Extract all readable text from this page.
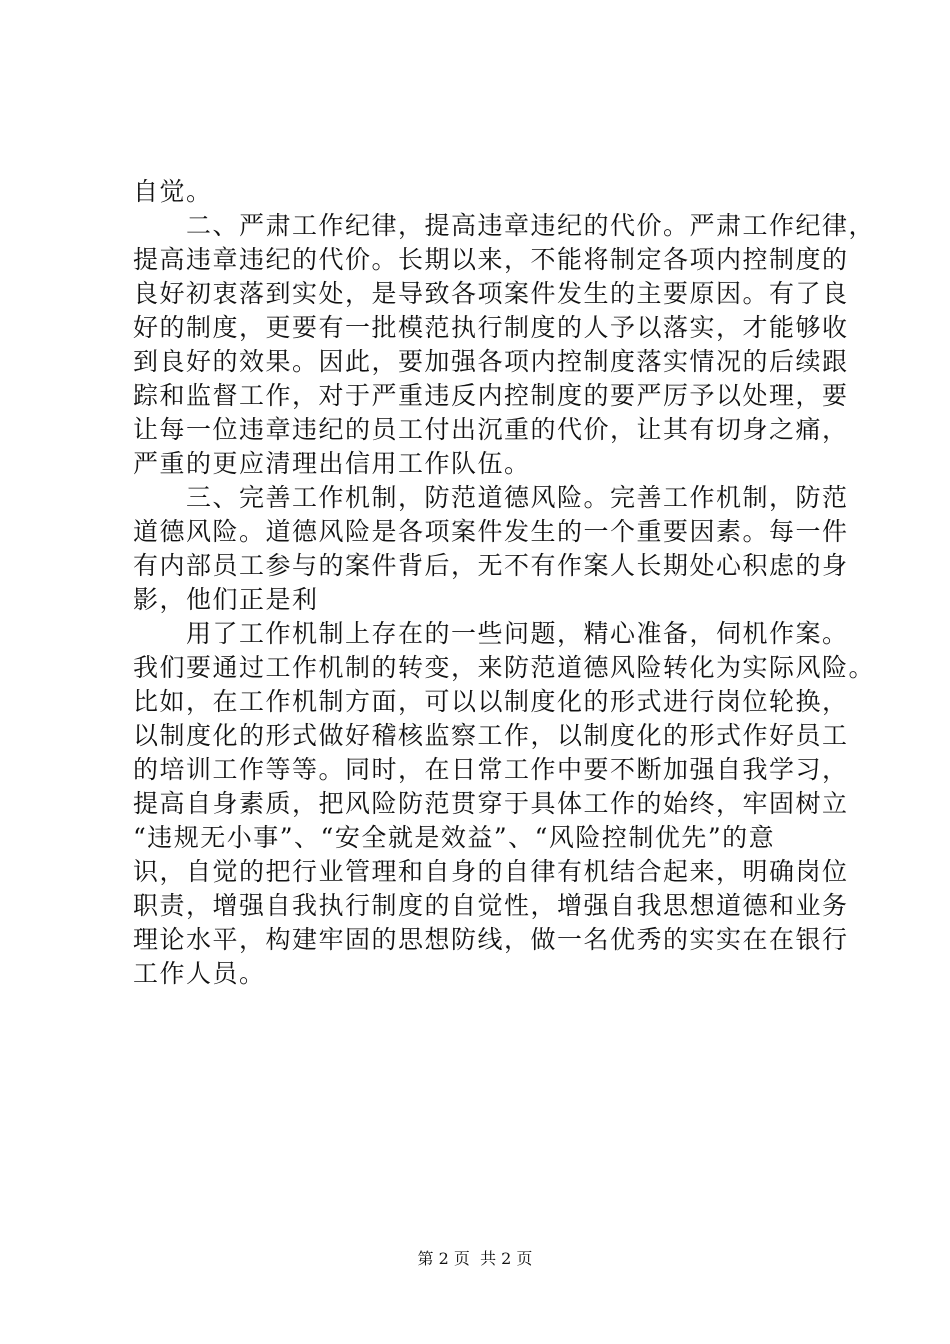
自觉。
二、严肃工作纪律，提高违章违纪的代价。严肃工作纪律，
提高违章违纪的代价。长期以来，不能将制定各项内控制度的
良好初衷落到实处，是导致各项案件发生的主要原因。有了良
好的制度，更要有一批模范执行制度的人予以落实，才能够收
到良好的效果。因此，要加强各项内控制度落实情况的后续跟
踪和监督工作，对于严重违反内控制度的要严厉予以处理，要
让每一位违章违纪的员工付出沉重的代价，让其有切身之痛，
严重的更应清理出信用工作队伍。
三、完善工作机制，防范道德风险。完善工作机制，防范
道德风险。道德风险是各项案件发生的一个重要因素。每一件
有内部员工参与的案件背后，无不有作案人长期处心积虑的身
影，他们正是利
用了工作机制上存在的一些问题，精心准备，伺机作案。
我们要通过工作机制的转变，来防范道德风险转化为实际风险。
比如，在工作机制方面，可以以制度化的形式进行岗位轮换，
以制度化的形式做好稽核监察工作，以制度化的形式作好员工
的培训工作等等。同时，在日常工作中要不断加强自我学习，
提高自身素质，把风险防范贯穿于具体工作的始终，牢固树立
“违规无小事”、“安全就是效益”、“风险控制优先”的意
识，自觉的把行业管理和自身的自律有机结合起来，明确岗位
职责，增强自我执行制度的自觉性，增强自我思想道德和业务
理论水平，构建牢固的思想防线，做一名优秀的实实在在银行
工作人员。
第 2 页  共 2 页
